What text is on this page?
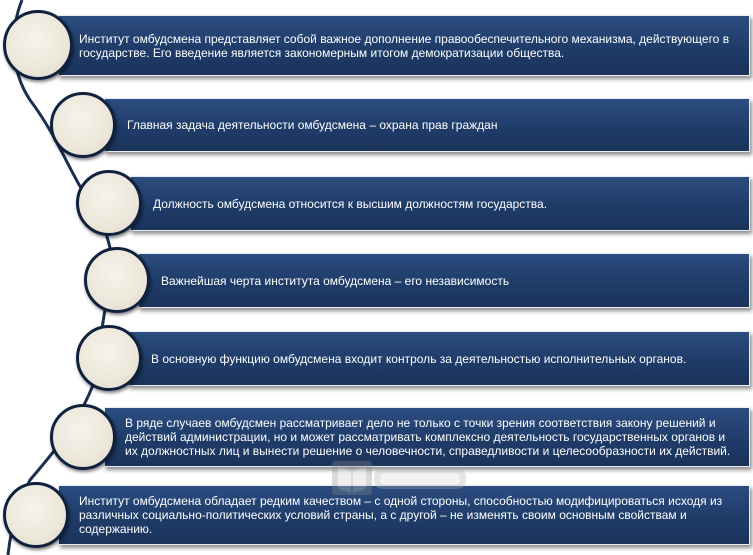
Институт омбудсмена представляет собой важное дополнение правообеспечительного механизма, действующего в государстве. Его введение является закономерным итогом демократизации общества.
Главная задача деятельности омбудсмена – охрана прав граждан
Должность омбудсмена относится к высшим должностям государства.
Важнейшая черта института омбудсмена – его независимость
В основную функцию омбудсмена входит контроль за деятельностью исполнительных органов.
В ряде случаев омбудсмен рассматривает дело не только с точки зрения соответствия закону решений и действий администрации, но и может рассматривать комплексно деятельность государственных органов и их должностных лиц и вынести решение о человечности, справедливости и целесообразности их действий.
Институт омбудсмена обладает редким качеством – с одной стороны, способностью модифицироваться исходя из различных социально-политических условий страны, а с другой – не изменять своим основным свойствам и содержанию.
